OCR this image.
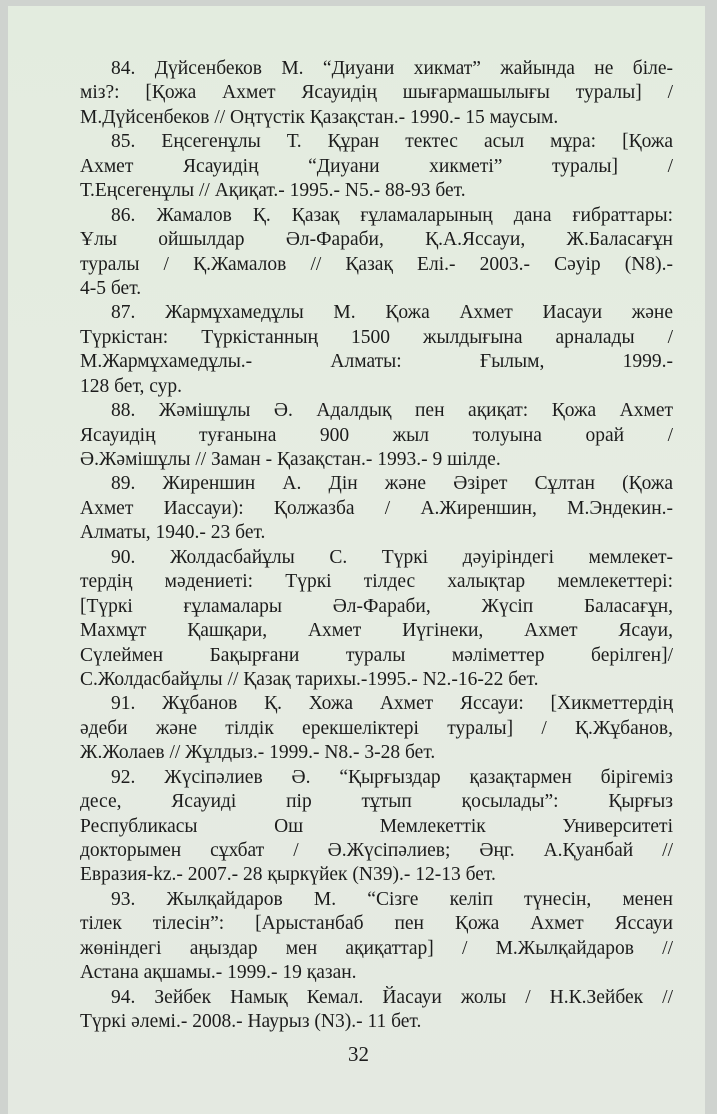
84. Дүйсенбеков М. “Диуани хикмат” жайында не біле-
міз?: [Қожа Ахмет Ясауидің шығармашылығы туралы] /
М.Дүйсенбеков // Оңтүстік Қазақстан.- 1990.- 15 маусым.
85. Еңсегенұлы Т. Құран тектес асыл мұра: [Қожа
Ахмет Ясауидің “Диуани хикметі” туралы] /
Т.Еңсегенұлы // Ақиқат.- 1995.- N5.- 88-93 бет.
86. Жамалов Қ. Қазақ ғұламаларының дана ғибраттары:
Ұлы ойшылдар Әл-Фараби, Қ.А.Яссауи, Ж.Баласағұн
туралы / Қ.Жамалов // Қазақ Елі.- 2003.- Сәуір (N8).-
4-5 бет.
87. Жармұхамедұлы М. Қожа Ахмет Иасауи және
Түркістан: Түркістанның 1500 жылдығына арналады /
М.Жармұхамедұлы.- Алматы: Ғылым, 1999.-
128 бет, сур.
88. Жәмішұлы Ә. Адалдық пен ақиқат: Қожа Ахмет
Ясауидің туғанына 900 жыл толуына орай /
Ә.Жәмішұлы // Заман - Қазақстан.- 1993.- 9 шілде.
89. Жиреншин А. Дін және Әзірет Сұлтан (Қожа
Ахмет Иассауи): Қолжазба / А.Жиреншин, М.Эндекин.-
Алматы, 1940.- 23 бет.
90. Жолдасбайұлы С. Түркі дәуіріндегі мемлекет-
тердің мәдениеті: Түркі тілдес халықтар мемлекеттері:
[Түркі ғұламалары Әл-Фараби, Жүсіп Баласағұн,
Махмұт Қашқари, Ахмет Иүгінеки, Ахмет Ясауи,
Сүлеймен Бақырғани туралы мәліметтер берілген]/
С.Жолдасбайұлы // Қазақ тарихы.-1995.- N2.-16-22 бет.
91. Жұбанов Қ. Хожа Ахмет Яссауи: [Хикметтердің
әдеби және тілдік ерекшеліктері туралы] / Қ.Жұбанов,
Ж.Жолаев // Жұлдыз.- 1999.- N8.- 3-28 бет.
92. Жүсіпәлиев Ә. “Қырғыздар қазақтармен бірігеміз
десе, Ясауиді пір тұтып қосылады”: Қырғыз
Республикасы Ош Мемлекеттік Университеті
докторымен сұхбат / Ә.Жүсіпәлиев; Әңг. А.Қуанбай //
Евразия-kz.- 2007.- 28 қыркүйек (N39).- 12-13 бет.
93. Жылқайдаров М. “Сізге келіп түнесін, менен
тілек тілесін”: [Арыстанбаб пен Қожа Ахмет Яссауи
жөніндегі аңыздар мен ақиқаттар] / М.Жылқайдаров //
Астана ақшамы.- 1999.- 19 қазан.
94. Зейбек Намық Кемал. Йасауи жолы / Н.К.Зейбек //
Түркі әлемі.- 2008.- Наурыз (N3).- 11 бет.
32
